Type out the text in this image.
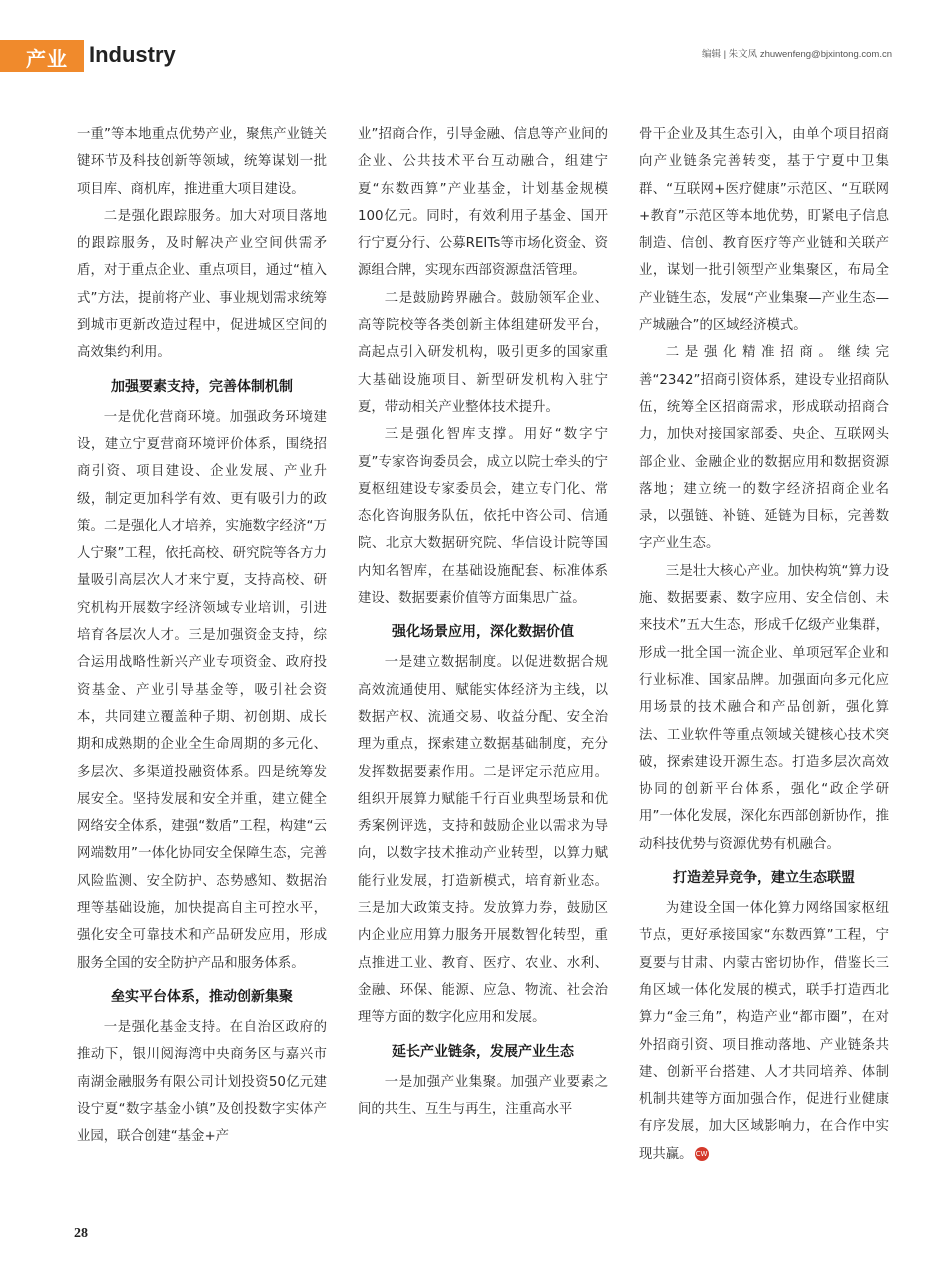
产业 Industry	编辑 | 朱文凤 zhuwenfeng@bjxintong.com.cn

一重”等本地重点优势产业，聚焦产业链关键环节及科技创新等领域，统筹谋划一批项目库、商机库，推进重大项目建设。

二是强化跟踪服务。加大对项目落地的跟踪服务，及时解决产业空间供需矛盾，对于重点企业、重点项目，通过“植入式”方法，提前将产业、事业规划需求统筹到城市更新改造过程中，促进城区空间的高效集约利用。

加强要素支持，完善体制机制

一是优化营商环境。加强政务环境建设，建立宁夏营商环境评价体系，围绕招商引资、项目建设、企业发展、产业升级，制定更加科学有效、更有吸引力的政策。二是强化人才培养，实施数字经济“万人宁聚”工程，依托高校、研究院等各方力量吸引高层次人才来宁夏，支持高校、研究机构开展数字经济领域专业培训，引进培育各层次人才。三是加强资金支持，综合运用战略性新兴产业专项资金、政府投资基金、产业引导基金等，吸引社会资本，共同建立覆盖种子期、初创期、成长期和成熟期的企业全生命周期的多元化、多层次、多渠道投融资体系。四是统筹发展安全。坚持发展和安全并重，建立健全网络安全体系，建强“数盾”工程，构建“云网端数用”一体化协同安全保障生态，完善风险监测、安全防护、态势感知、数据治理等基础设施，加快提高自主可控水平，强化安全可靠技术和产品研发应用，形成服务全国的安全防护产品和服务体系。

垒实平台体系，推动创新集聚

一是强化基金支持。在自治区政府的推动下，银川阅海湾中央商务区与嘉兴市南湖金融服务有限公司计划投资50亿元建设宁夏“数字基金小镇”及创投数字实体产业园，联合创建“基金+产

业”招商合作，引导金融、信息等产业间的企业、公共技术平台互动融合，组建宁夏“东数西算”产业基金，计划基金规模100亿元。同时，有效利用子基金、国开行宁夏分行、公募REITs等市场化资金、资源组合牌，实现东西部资源盘活管理。

二是鼓励跨界融合。鼓励领军企业、高等院校等各类创新主体组建研发平台，高起点引入研发机构，吸引更多的国家重大基础设施项目、新型研发机构入驻宁夏，带动相关产业整体技术提升。

三是强化智库支撑。用好“数字宁夏”专家咨询委员会，成立以院士牵头的宁夏枢纽建设专家委员会，建立专门化、常态化咨询服务队伍，依托中咨公司、信通院、北京大数据研究院、华信设计院等国内知名智库，在基础设施配套、标准体系建设、数据要素价值等方面集思广益。

强化场景应用，深化数据价值

一是建立数据制度。以促进数据合规高效流通使用、赋能实体经济为主线，以数据产权、流通交易、收益分配、安全治理为重点，探索建立数据基础制度，充分发挥数据要素作用。二是评定示范应用。组织开展算力赋能千行百业典型场景和优秀案例评选，支持和鼓励企业以需求为导向，以数字技术推动产业转型，以算力赋能行业发展，打造新模式，培育新业态。三是加大政策支持。发放算力券，鼓励区内企业应用算力服务开展数智化转型，重点推进工业、教育、医疗、农业、水利、金融、环保、能源、应急、物流、社会治理等方面的数字化应用和发展。

延长产业链条，发展产业生态

一是加强产业集聚。加强产业要素之间的共生、互生与再生，注重高水平

骨干企业及其生态引入，由单个项目招商向产业链条完善转变，基于宁夏中卫集群、“互联网+医疗健康”示范区、“互联网+教育”示范区等本地优势，盯紧电子信息制造、信创、教育医疗等产业链和关联产业，谋划一批引领型产业集聚区，布局全产业链生态，发展“产业集聚—产业生态—产城融合”的区域经济模式。

二是强化精准招商。继续完善“2342”招商引资体系，建设专业招商队伍，统筹全区招商需求，形成联动招商合力，加快对接国家部委、央企、互联网头部企业、金融企业的数据应用和数据资源落地；建立统一的数字经济招商企业名录，以强链、补链、延链为目标，完善数字产业生态。

三是壮大核心产业。加快构筑“算力设施、数据要素、数字应用、安全信创、未来技术”五大生态，形成千亿级产业集群，形成一批全国一流企业、单项冠军企业和行业标准、国家品牌。加强面向多元化应用场景的技术融合和产品创新，强化算法、工业软件等重点领域关键核心技术突破，探索建设开源生态。打造多层次高效协同的创新平台体系，强化“政企学研用”一体化发展，深化东西部创新协作，推动科技优势与资源优势有机融合。

打造差异竞争，建立生态联盟

为建设全国一体化算力网络国家枢纽节点，更好承接国家“东数西算”工程，宁夏要与甘肃、内蒙古密切协作，借鉴长三角区域一体化发展的模式，联手打造西北算力“金三角”，构造产业“都市圈”，在对外招商引资、项目推动落地、产业链条共建、创新平台搭建、人才共同培养、体制机制共建等方面加强合作，促进行业健康有序发展，加大区域影响力，在合作中实现共赢。 CW

28
